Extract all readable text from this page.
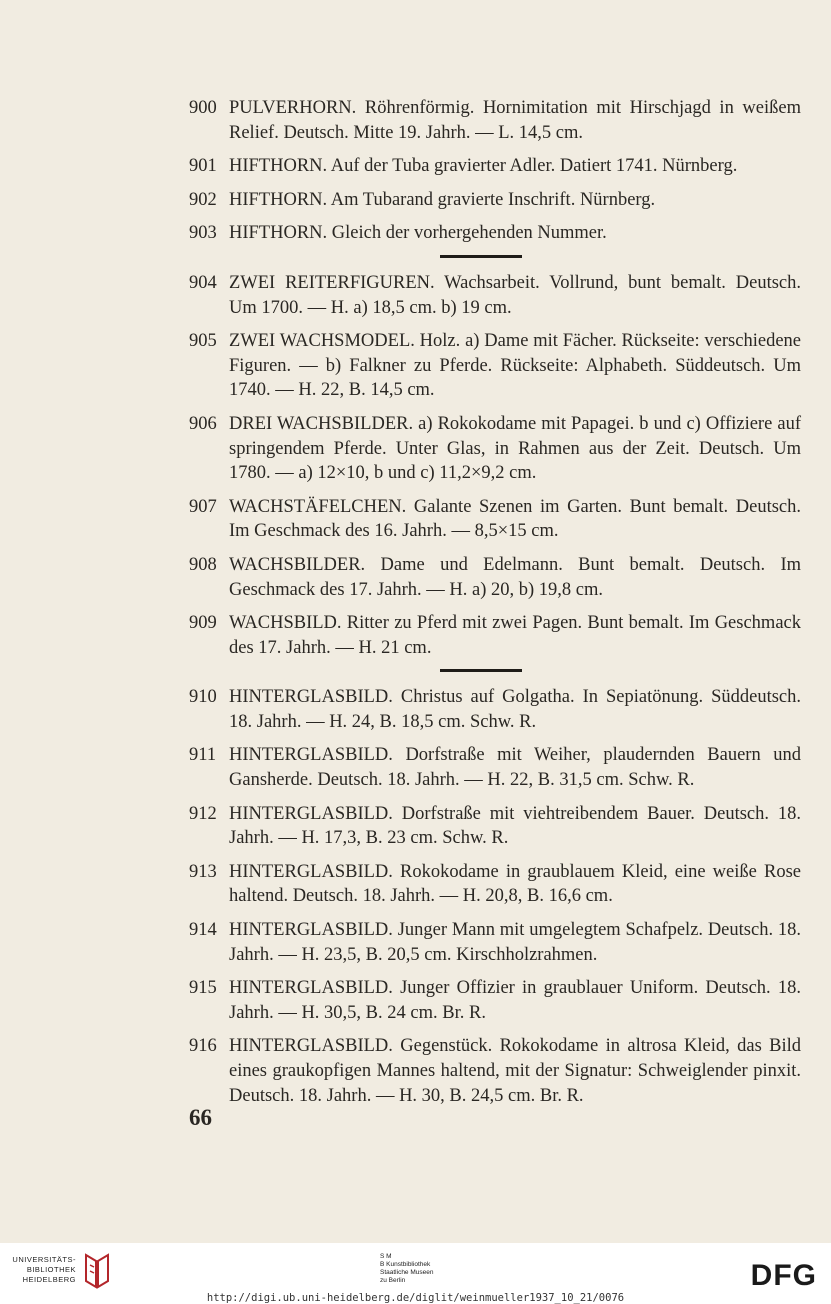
900 PULVERHORN. Röhrenförmig. Hornimitation mit Hirschjagd in weißem Relief. Deutsch. Mitte 19. Jahrh. — L. 14,5 cm.
901 HIFTHORN. Auf der Tuba gravierter Adler. Datiert 1741. Nürnberg.
902 HIFTHORN. Am Tubarand gravierte Inschrift. Nürnberg.
903 HIFTHORN. Gleich der vorhergehenden Nummer.
904 ZWEI REITERFIGUREN. Wachsarbeit. Vollrund, bunt bemalt. Deutsch. Um 1700. — H. a) 18,5 cm. b) 19 cm.
905 ZWEI WACHSMODEL. Holz. a) Dame mit Fächer. Rückseite: verschiedene Figuren. — b) Falkner zu Pferde. Rückseite: Alphabeth. Süddeutsch. Um 1740. — H. 22, B. 14,5 cm.
906 DREI WACHSBILDER. a) Rokokodame mit Papagei. b und c) Offiziere auf springendem Pferde. Unter Glas, in Rahmen aus der Zeit. Deutsch. Um 1780. — a) 12×10, b und c) 11,2×9,2 cm.
907 WACHSTÄFELCHEN. Galante Szenen im Garten. Bunt bemalt. Deutsch. Im Geschmack des 16. Jahrh. — 8,5×15 cm.
908 WACHSBILDER. Dame und Edelmann. Bunt bemalt. Deutsch. Im Geschmack des 17. Jahrh. — H. a) 20, b) 19,8 cm.
909 WACHSBILD. Ritter zu Pferd mit zwei Pagen. Bunt bemalt. Im Geschmack des 17. Jahrh. — H. 21 cm.
910 HINTERGLASBILD. Christus auf Golgatha. In Sepiatönung. Süddeutsch. 18. Jahrh. — H. 24, B. 18,5 cm. Schw. R.
911 HINTERGLASBILD. Dorfstraße mit Weiher, plaudernden Bauern und Gansherde. Deutsch. 18. Jahrh. — H. 22, B. 31,5 cm. Schw. R.
912 HINTERGLASBILD. Dorfstraße mit viehtreibendem Bauer. Deutsch. 18. Jahrh. — H. 17,3, B. 23 cm. Schw. R.
913 HINTERGLASBILD. Rokokodame in graublauem Kleid, eine weiße Rose haltend. Deutsch. 18. Jahrh. — H. 20,8, B. 16,6 cm.
914 HINTERGLASBILD. Junger Mann mit umgelegtem Schafpelz. Deutsch. 18. Jahrh. — H. 23,5, B. 20,5 cm. Kirschholzrahmen.
915 HINTERGLASBILD. Junger Offizier in graublauer Uniform. Deutsch. 18. Jahrh. — H. 30,5, B. 24 cm. Br. R.
916 HINTERGLASBILD. Gegenstück. Rokokodame in altrosa Kleid, das Bild eines graukopfigen Mannes haltend, mit der Signatur: Schweiglender pinxit. Deutsch. 18. Jahrh. — H. 30, B. 24,5 cm. Br. R.
66
UNIVERSITÄTS-
BIBLIOTHEK
HEIDELBERG
S M
B Kunstbibliothek
Staatliche Museen
zu Berlin	DFG
http://digi.ub.uni-heidelberg.de/diglit/weinmueller1937_10_21/0076
